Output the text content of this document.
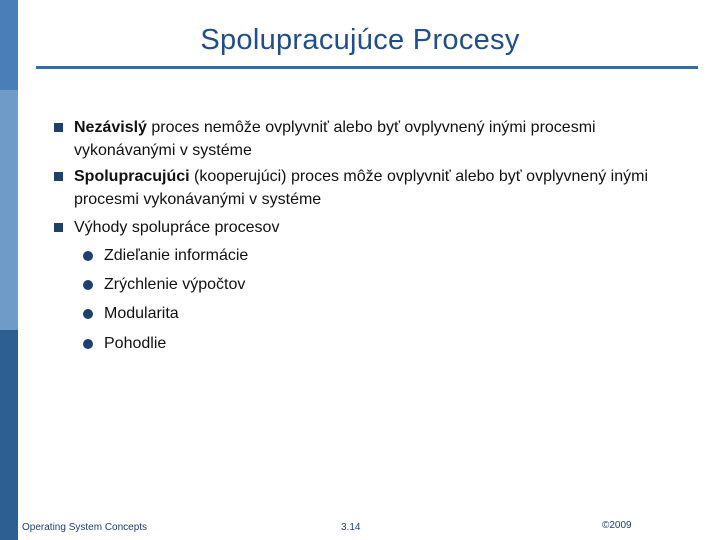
Spolupracujúce Procesy
Nezávislý proces nemôže ovplyvniť alebo byť ovplyvnený inými procesmi vykonávanými v systéme
Spolupracujúci (kooperujúci) proces môže ovplyvniť alebo byť ovplyvnený inými procesmi vykonávanými v systéme
Výhody spolupráce procesov
Zdieľanie informácie
Zrýchlenie výpočtov
Modularita
Pohodlie
Operating System Concepts	3.14	©2009
